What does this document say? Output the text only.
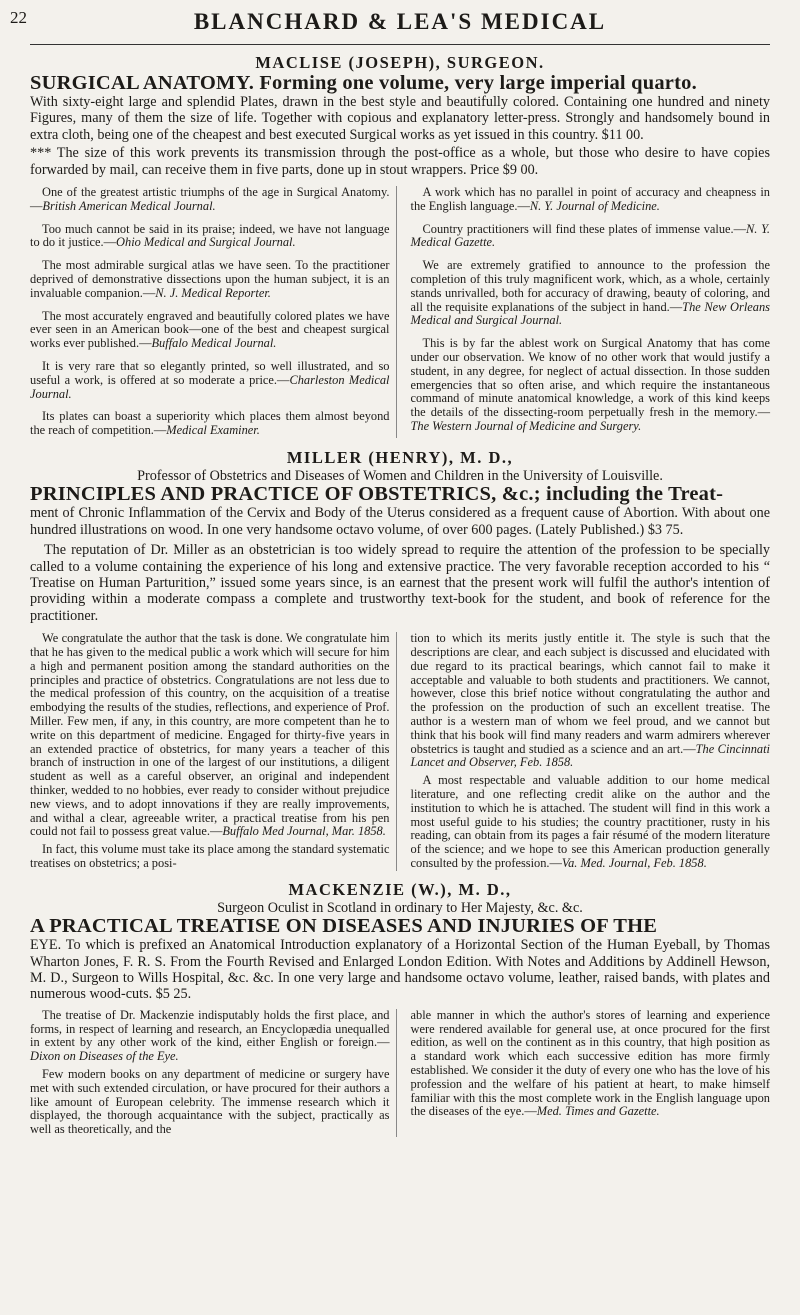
22	BLANCHARD & LEA'S MEDICAL

MACLISE (JOSEPH), SURGEON.

SURGICAL ANATOMY. Forming one volume, very large imperial quarto.

With sixty-eight large and splendid Plates, drawn in the best style and beautifully colored. Containing one hundred and ninety Figures, many of them the size of life. Together with copious and explanatory letter-press. Strongly and handsomely bound in extra cloth, being one of the cheapest and best executed Surgical works as yet issued in this country. $11 00.

*** The size of this work prevents its transmission through the post-office as a whole, but those who desire to have copies forwarded by mail, can receive them in five parts, done up in stout wrappers. Price $9 00.

One of the greatest artistic triumphs of the age in Surgical Anatomy.—British American Medical Journal.

Too much cannot be said in its praise; indeed, we have not language to do it justice.—Ohio Medical and Surgical Journal.

The most admirable surgical atlas we have seen. To the practitioner deprived of demonstrative dissections upon the human subject, it is an invaluable companion.—N. J. Medical Reporter.

The most accurately engraved and beautifully colored plates we have ever seen in an American book—one of the best and cheapest surgical works ever published.—Buffalo Medical Journal.

It is very rare that so elegantly printed, so well illustrated, and so useful a work, is offered at so moderate a price.—Charleston Medical Journal.

Its plates can boast a superiority which places them almost beyond the reach of competition.—Medical Examiner.

A work which has no parallel in point of accuracy and cheapness in the English language.—N. Y. Journal of Medicine.

Country practitioners will find these plates of immense value.—N. Y. Medical Gazette.

We are extremely gratified to announce to the profession the completion of this truly magnificent work, which, as a whole, certainly stands unrivalled, both for accuracy of drawing, beauty of coloring, and all the requisite explanations of the subject in hand.—The New Orleans Medical and Surgical Journal.

This is by far the ablest work on Surgical Anatomy that has come under our observation. We know of no other work that would justify a student, in any degree, for neglect of actual dissection. In those sudden emergencies that so often arise, and which require the instantaneous command of minute anatomical knowledge, a work of this kind keeps the details of the dissecting-room perpetually fresh in the memory.—The Western Journal of Medicine and Surgery.

MILLER (HENRY), M. D.,

Professor of Obstetrics and Diseases of Women and Children in the University of Louisville.

PRINCIPLES AND PRACTICE OF OBSTETRICS, &c.; including the Treat-

ment of Chronic Inflammation of the Cervix and Body of the Uterus considered as a frequent cause of Abortion. With about one hundred illustrations on wood. In one very handsome octavo volume, of over 600 pages. (Lately Published.) $3 75.

The reputation of Dr. Miller as an obstetrician is too widely spread to require the attention of the profession to be specially called to a volume containing the experience of his long and extensive practice. The very favorable reception accorded to his “ Treatise on Human Parturition,” issued some years since, is an earnest that the present work will fulfil the author's intention of providing within a moderate compass a complete and trustworthy text-book for the student, and book of reference for the practitioner.

We congratulate the author that the task is done. We congratulate him that he has given to the medical public a work which will secure for him a high and permanent position among the standard authorities on the principles and practice of obstetrics. Congratulations are not less due to the medical profession of this country, on the acquisition of a treatise embodying the results of the studies, reflections, and experience of Prof. Miller. Few men, if any, in this country, are more competent than he to write on this department of medicine. Engaged for thirty-five years in an extended practice of obstetrics, for many years a teacher of this branch of instruction in one of the largest of our institutions, a diligent student as well as a careful observer, an original and independent thinker, wedded to no hobbies, ever ready to consider without prejudice new views, and to adopt innovations if they are really improvements, and withal a clear, agreeable writer, a practical treatise from his pen could not fail to possess great value.—Buffalo Med Journal, Mar. 1858.

In fact, this volume must take its place among the standard systematic treatises on obstetrics; a posi-

tion to which its merits justly entitle it. The style is such that the descriptions are clear, and each subject is discussed and elucidated with due regard to its practical bearings, which cannot fail to make it acceptable and valuable to both students and practitioners. We cannot, however, close this brief notice without congratulating the author and the profession on the production of such an excellent treatise. The author is a western man of whom we feel proud, and we cannot but think that his book will find many readers and warm admirers wherever obstetrics is taught and studied as a science and an art.—The Cincinnati Lancet and Observer, Feb. 1858.

A most respectable and valuable addition to our home medical literature, and one reflecting credit alike on the author and the institution to which he is attached. The student will find in this work a most useful guide to his studies; the country practitioner, rusty in his reading, can obtain from its pages a fair résumé of the modern literature of the science; and we hope to see this American production generally consulted by the profession.—Va. Med. Journal, Feb. 1858.

MACKENZIE (W.), M. D.,

Surgeon Oculist in Scotland in ordinary to Her Majesty, &c. &c.

A PRACTICAL TREATISE ON DISEASES AND INJURIES OF THE

EYE. To which is prefixed an Anatomical Introduction explanatory of a Horizontal Section of the Human Eyeball, by Thomas Wharton Jones, F. R. S. From the Fourth Revised and Enlarged London Edition. With Notes and Additions by Addinell Hewson, M. D., Surgeon to Wills Hospital, &c. &c. In one very large and handsome octavo volume, leather, raised bands, with plates and numerous wood-cuts. $5 25.

The treatise of Dr. Mackenzie indisputably holds the first place, and forms, in respect of learning and research, an Encyclopædia unequalled in extent by any other work of the kind, either English or foreign.—Dixon on Diseases of the Eye.

Few modern books on any department of medicine or surgery have met with such extended circulation, or have procured for their authors a like amount of European celebrity. The immense research which it displayed, the thorough acquaintance with the subject, practically as well as theoretically, and the

able manner in which the author's stores of learning and experience were rendered available for general use, at once procured for the first edition, as well on the continent as in this country, that high position as a standard work which each successive edition has more firmly established. We consider it the duty of every one who has the love of his profession and the welfare of his patient at heart, to make himself familiar with this the most complete work in the English language upon the diseases of the eye.—Med. Times and Gazette.
